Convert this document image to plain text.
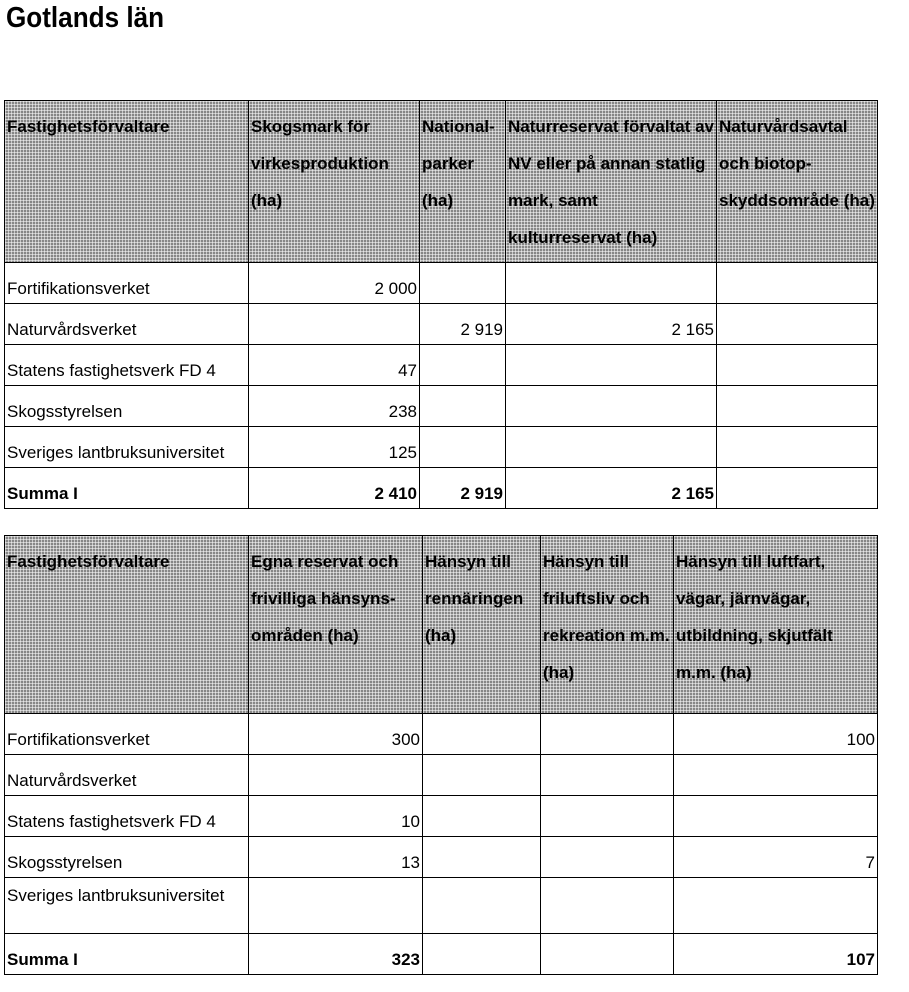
Gotlands län
Fastighetsförvaltare	Skogsmark för virkesproduktion (ha)	National-parker (ha)	Naturreservat förvaltat av NV eller på annan statlig mark, samt kulturreservat (ha)	Naturvårdsavtal och biotop-skyddsområde (ha)
Fortifikationsverket	2 000			
Naturvårdsverket		2 919	2 165	
Statens fastighetsverk FD 4	47			
Skogsstyrelsen	238			
Sveriges lantbruksuniversitet	125			
Summa I	2 410	2 919	2 165	
Fastighetsförvaltare	Egna reservat och frivilliga hänsyns-områden (ha)	Hänsyn till rennäringen (ha)	Hänsyn till friluftsliv och rekreation m.m. (ha)	Hänsyn till luftfart, vägar, järnvägar, utbildning, skjutfält m.m. (ha)
Fortifikationsverket	300			100
Naturvårdsverket				
Statens fastighetsverk FD 4	10			
Skogsstyrelsen	13			7
Sveriges lantbruksuniversitet				
Summa I	323			107
